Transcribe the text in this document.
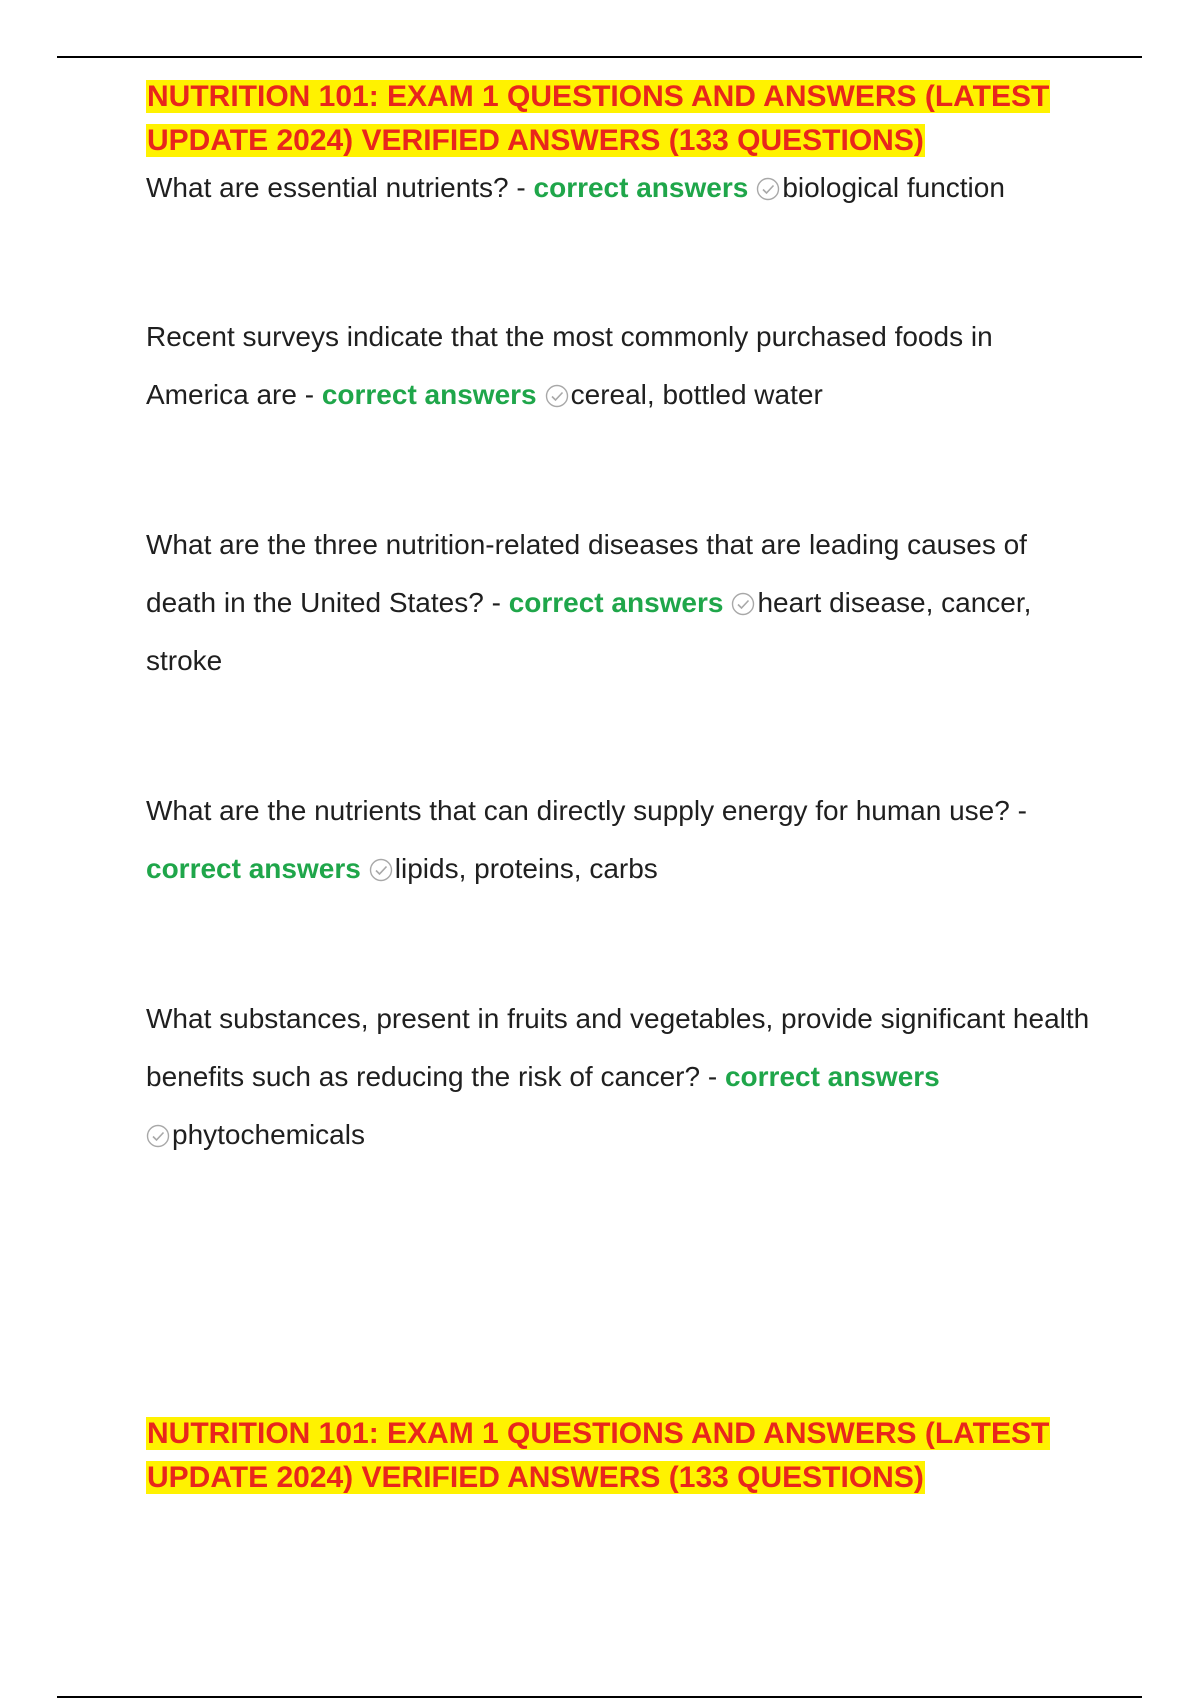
NUTRITION 101: EXAM 1 QUESTIONS AND ANSWERS (LATEST UPDATE 2024) VERIFIED ANSWERS (133 QUESTIONS)

What are essential nutrients? - correct answers biological function

Recent surveys indicate that the most commonly purchased foods in America are - correct answers cereal, bottled water

What are the three nutrition-related diseases that are leading causes of death in the United States? - correct answers heart disease, cancer, stroke

What are the nutrients that can directly supply energy for human use? - correct answers lipids, proteins, carbs

What substances, present in fruits and vegetables, provide significant health benefits such as reducing the risk of cancer? - correct answers

phytochemicals

NUTRITION 101: EXAM 1 QUESTIONS AND ANSWERS (LATEST UPDATE 2024) VERIFIED ANSWERS (133 QUESTIONS)
